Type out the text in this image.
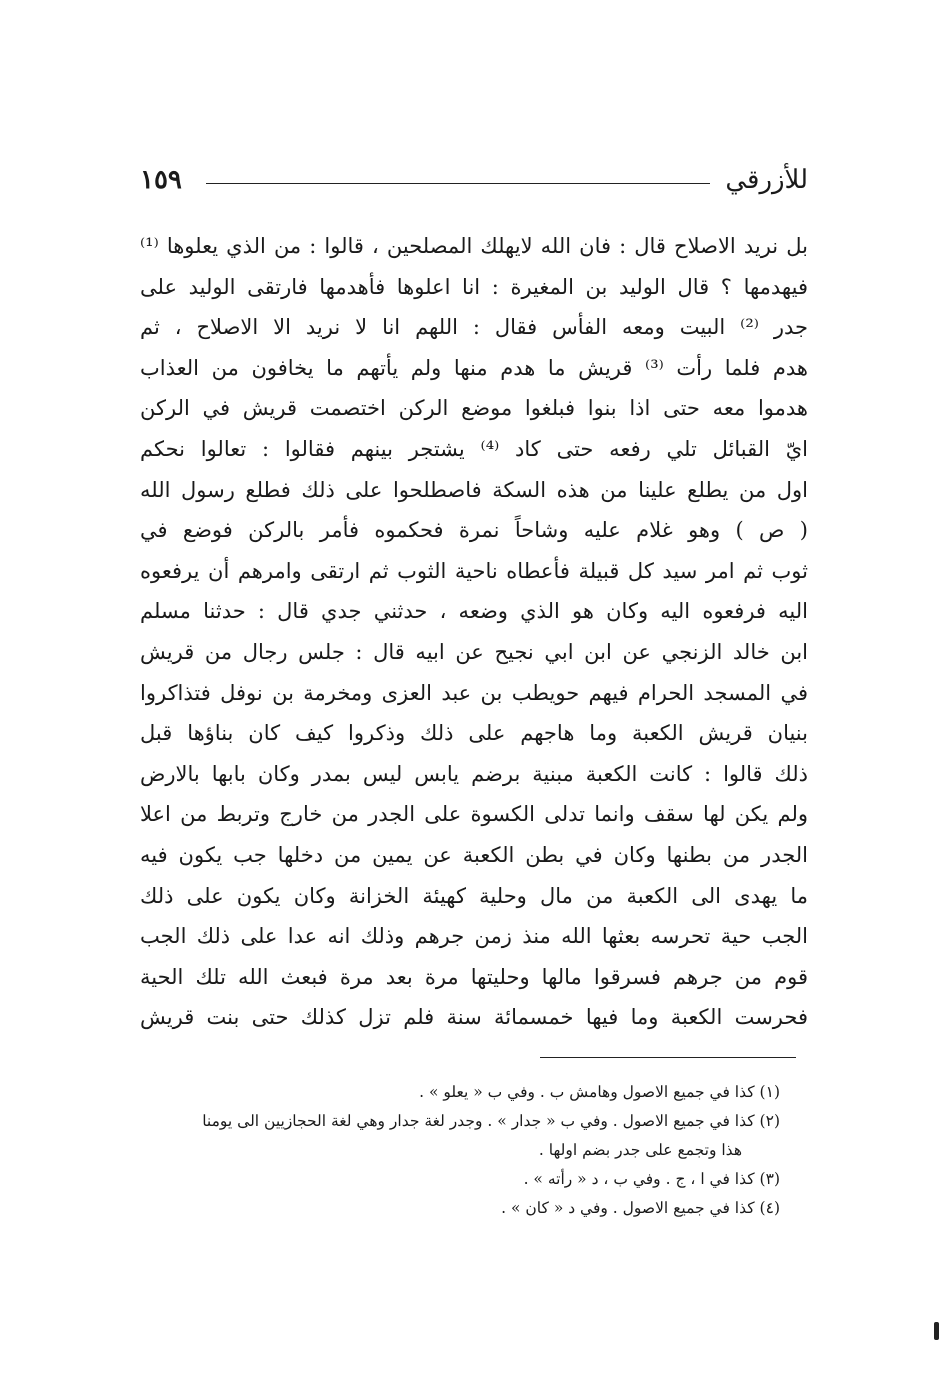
للأزرقي
١٥٩
بل نريد الاصلاح قال : فان الله لايهلك المصلحين ، قالوا : من الذي يعلوها ⁽¹⁾
فيهدمها ؟ قال الوليد بن المغيرة : انا اعلوها فأهدمها فارتقى الوليد على
جدر ⁽²⁾ البيت ومعه الفأس فقال : اللهم انا لا نريد الا الاصلاح ، ثم
هدم فلما رأت ⁽³⁾ قريش ما هدم منها ولم يأتهم ما يخافون من العذاب
هدموا معه حتى اذا بنوا فبلغوا موضع الركن اختصمت قريش في الركن
ايّ القبائل تلي رفعه حتى كاد ⁽⁴⁾ يشتجر بينهم فقالوا : تعالوا نحكم
اول من يطلع علينا من هذه السكة فاصطلحوا على ذلك فطلع رسول الله
( ص ) وهو غلام عليه وشاحاً نمرة فحكموه فأمر بالركن فوضع في
ثوب ثم امر سيد كل قبيلة فأعطاه ناحية الثوب ثم ارتقى وامرهم أن يرفعوه
اليه فرفعوه اليه وكان هو الذي وضعه ، حدثني جدي قال : حدثنا مسلم
ابن خالد الزنجي عن ابن ابي نجيح عن ابيه قال : جلس رجال من قريش
في المسجد الحرام فيهم حويطب بن عبد العزى ومخرمة بن نوفل فتذاكروا
بنيان قريش الكعبة وما هاجهم على ذلك وذكروا كيف كان بناؤها قبل
ذلك قالوا : كانت الكعبة مبنية برضم يابس ليس بمدر وكان بابها بالارض
ولم يكن لها سقف وانما تدلى الكسوة على الجدر من خارج وتربط من اعلا
الجدر من بطنها وكان في بطن الكعبة عن يمين من دخلها جب يكون فيه
ما يهدى الى الكعبة من مال وحلية كهيئة الخزانة وكان يكون على ذلك
الجب حية تحرسه بعثها الله منذ زمن جرهم وذلك انه عدا على ذلك الجب
قوم من جرهم فسرقوا مالها وحليتها مرة بعد مرة فبعث الله تلك الحية
فحرست الكعبة وما فيها خمسمائة سنة فلم تزل كذلك حتى بنت قريش
(١) كذا في جميع الاصول وهامش ب . وفي ب « يعلو » .
(٢) كذا في جميع الاصول . وفي ب « جدار » . وجدر لغة جدار وهي لغة الحجازيين الى يومنا
هذا وتجمع على جدر بضم اولها .
(٣) كذا في ا ، ج . وفي ب ، د « رأته » .
(٤) كذا في جميع الاصول . وفي د « كان » .
